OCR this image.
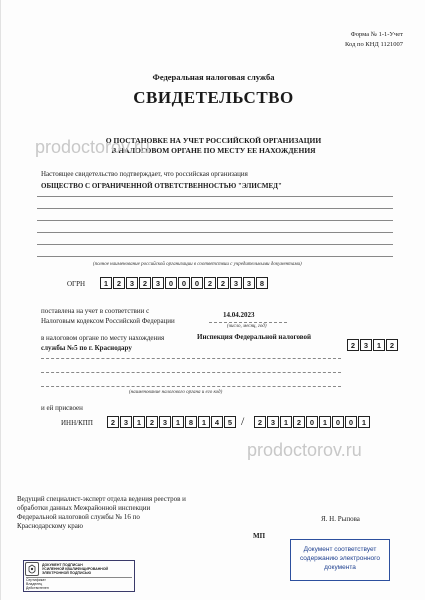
Форма № 1-1-Учет
Код по КНД 1121007
Федеральная налоговая служба
СВИДЕТЕЛЬСТВО
О ПОСТАНОВКЕ НА УЧЕТ РОССИЙСКОЙ ОРГАНИЗАЦИИ
В НАЛОГОВОМ ОРГАНЕ ПО МЕСТУ ЕЕ НАХОЖДЕНИЯ
prodoctorov.ru
Настоящее свидетельство подтверждает, что российская организация
ОБЩЕСТВО С ОГРАНИЧЕННОЙ ОТВЕТСТВЕННОСТЬЮ "ЭЛИСМЕД"
(полное наименование российской организации в соответствии с учредительными документами)
ОГРН	1	2	3	2	3	0	0	0	2	2	3	3	8
поставлена на учет в соответствии с
Налоговым кодексом Российской Федерации
14.04.2023
(число, месяц, год)
в налоговом органе по месту нахождения	Инспекция Федеральной налоговой
службы №5 по г. Краснодару	2	3	1	2
(наименование налогового органа и его код)
и ей присвоен
ИНН/КПП	2	3	1	2	3	1	8	1	4	5 /	2	3	1	2	0	1	0	0	1
prodoctorov.ru
Ведущий специалист-эксперт отдела ведения реестров и
обработки данных Межрайонной инспекции
Федеральной налоговой службы № 16 по
Краснодарскому краю
Я. Н. Рыпова
МП
ДОКУМЕНТ ПОДПИСАН
УСИЛЕННОЙ КВАЛИФИЦИРОВАННОЙ
ЭЛЕКТРОННОЙ ПОДПИСЬЮ
Сертификат
Владелец
Действителен
Документ соответствует
содержанию электронного
документа
